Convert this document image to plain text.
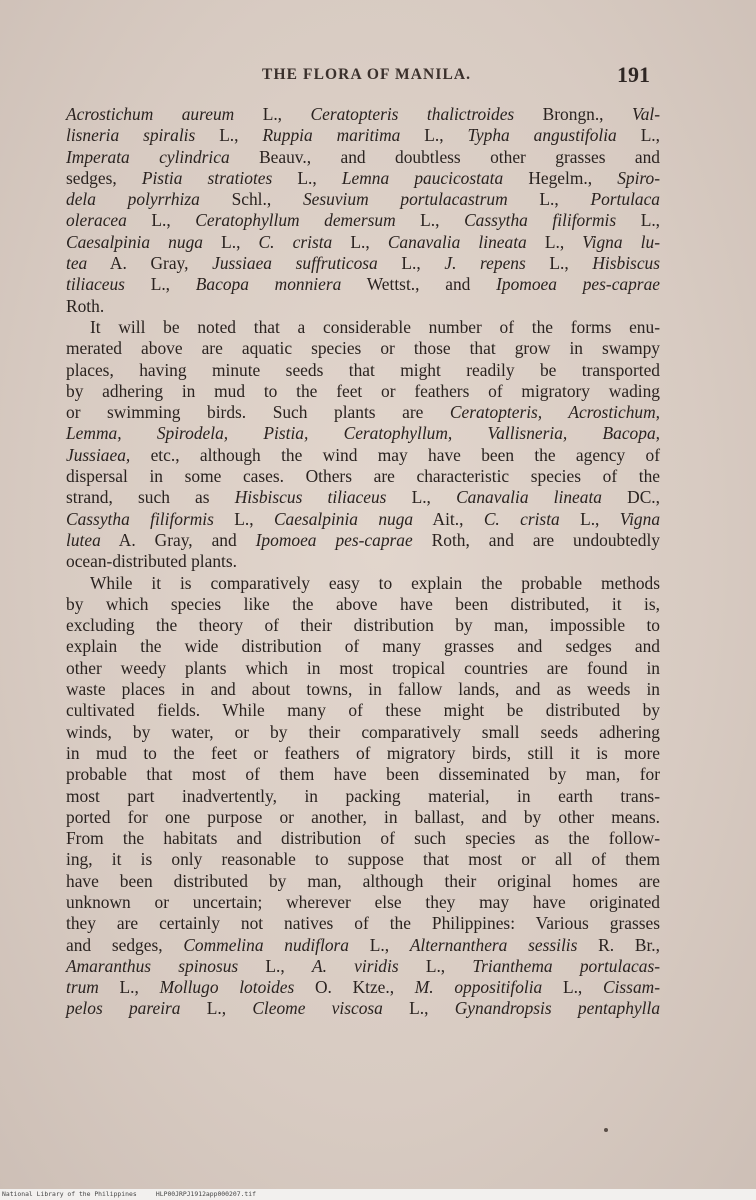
THE FLORA OF MANILA.	191
Acrostichum aureum L., Ceratopteris thalictroides Brongn., Val-
lisneria spiralis L., Ruppia maritima L., Typha angustifolia L.,
Imperata cylindrica Beauv., and doubtless other grasses and
sedges, Pistia stratiotes L., Lemna paucicostata Hegelm., Spiro-
dela polyrrhiza Schl., Sesuvium portulacastrum L., Portulaca
oleracea L., Ceratophyllum demersum L., Cassytha filiformis L.,
Caesalpinia nuga L., C. crista L., Canavalia lineata L., Vigna lu-
tea A. Gray, Jussiaea suffruticosa L., J. repens L., Hisbiscus
tiliaceus L., Bacopa monniera Wettst., and Ipomoea pes-caprae
Roth.
It will be noted that a considerable number of the forms enu-
merated above are aquatic species or those that grow in swampy
places, having minute seeds that might readily be transported
by adhering in mud to the feet or feathers of migratory wading
or swimming birds. Such plants are Ceratopteris, Acrostichum,
Lemma, Spirodela, Pistia, Ceratophyllum, Vallisneria, Bacopa,
Jussiaea, etc., although the wind may have been the agency of
dispersal in some cases. Others are characteristic species of the
strand, such as Hisbiscus tiliaceus L., Canavalia lineata DC.,
Cassytha filiformis L., Caesalpinia nuga Ait., C. crista L., Vigna
lutea A. Gray, and Ipomoea pes-caprae Roth, and are undoubtedly
ocean-distributed plants.
While it is comparatively easy to explain the probable methods
by which species like the above have been distributed, it is,
excluding the theory of their distribution by man, impossible to
explain the wide distribution of many grasses and sedges and
other weedy plants which in most tropical countries are found in
waste places in and about towns, in fallow lands, and as weeds in
cultivated fields. While many of these might be distributed by
winds, by water, or by their comparatively small seeds adhering
in mud to the feet or feathers of migratory birds, still it is more
probable that most of them have been disseminated by man, for
most part inadvertently, in packing material, in earth trans-
ported for one purpose or another, in ballast, and by other means.
From the habitats and distribution of such species as the follow-
ing, it is only reasonable to suppose that most or all of them
have been distributed by man, although their original homes are
unknown or uncertain; wherever else they may have originated
they are certainly not natives of the Philippines: Various grasses
and sedges, Commelina nudiflora L., Alternanthera sessilis R. Br.,
Amaranthus spinosus L., A. viridis L., Trianthema portulacas-
trum L., Mollugo lotoides O. Ktze., M. oppositifolia L., Cissam-
pelos pareira L., Cleome viscosa L., Gynandropsis pentaphylla
National Library of the Philippines     HLP00JRPJ1912app000207.tif
